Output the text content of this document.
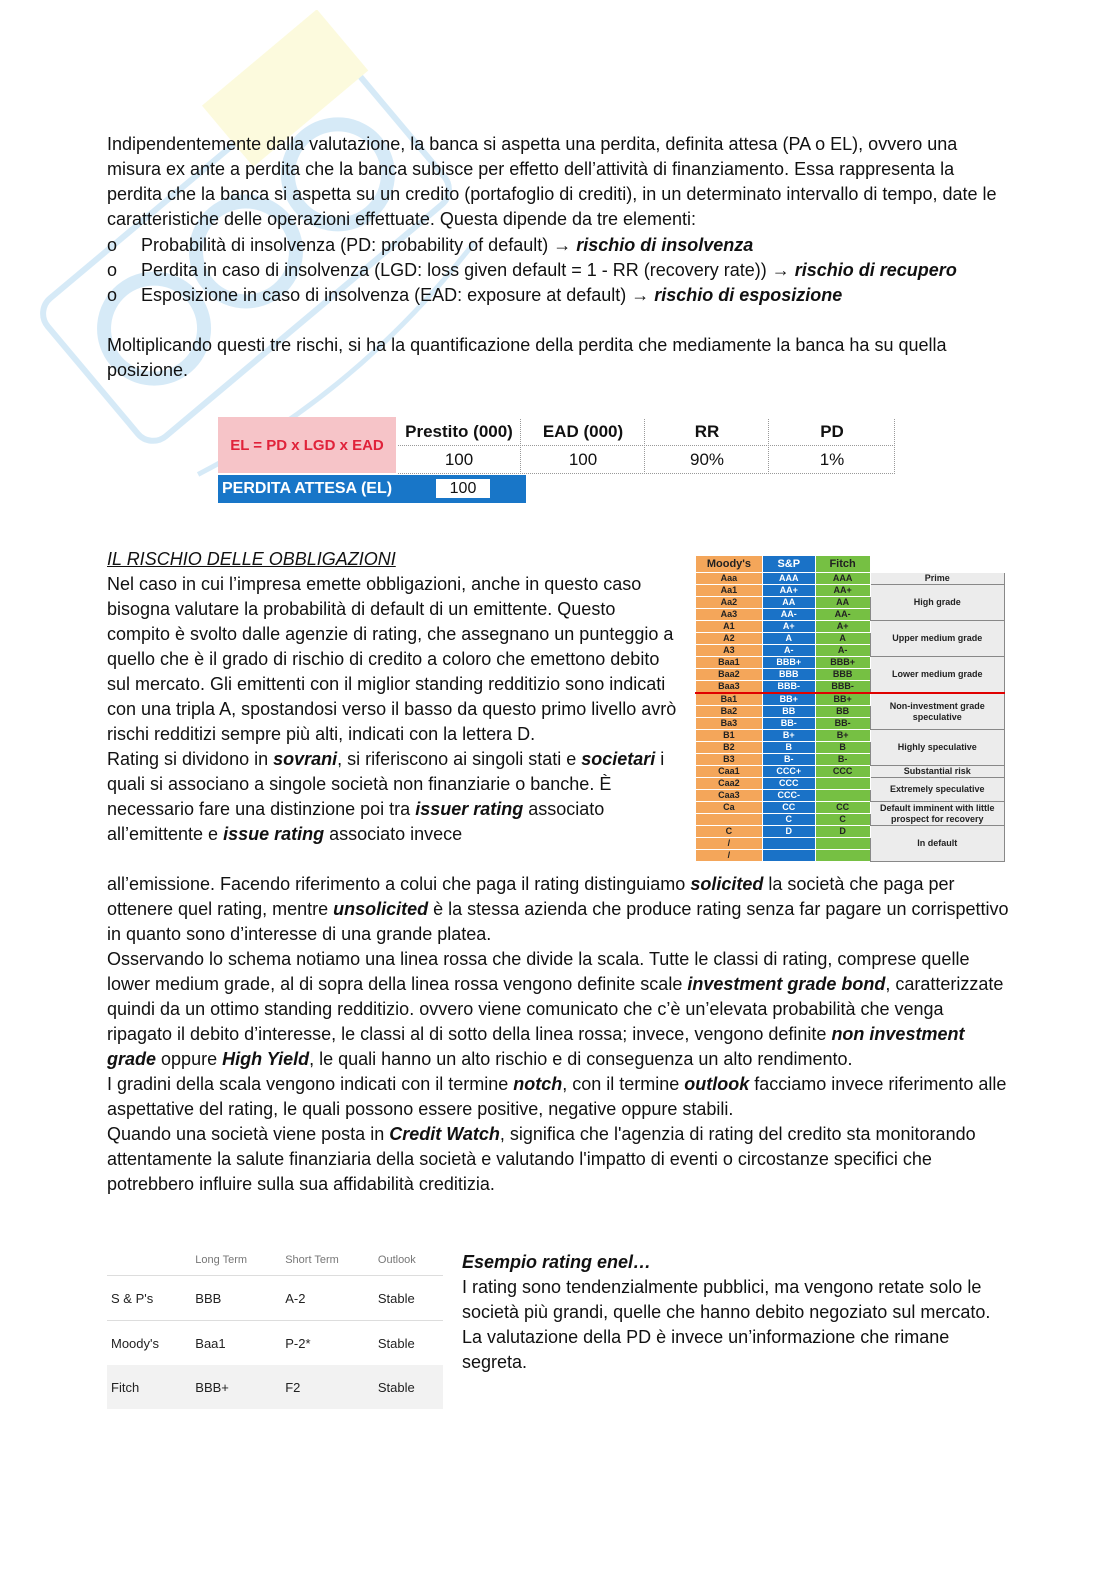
Indipendentemente dalla valutazione, la banca si aspetta una perdita, definita attesa (PA o EL), ovvero una misura ex ante a perdita che la banca subisce per effetto dell’attività di finanziamento. Essa rappresenta la perdita che la banca si aspetta su un credito (portafoglio di crediti), in un determinato intervallo di tempo, date le caratteristiche delle operazioni effettuate. Questa dipende da tre elementi:
o	Probabilità di insolvenza (PD: probability of default) → rischio di insolvenza
o	Perdita in caso di insolvenza (LGD: loss given default = 1 - RR (recovery rate)) → rischio di recupero
o	Esposizione in caso di insolvenza (EAD: exposure at default) → rischio di esposizione
Moltiplicando questi tre rischi, si ha la quantificazione della perdita che mediamente la banca ha su quella posizione.
EL = PD x LGD x EAD
Prestito (000)	EAD (000)	RR	PD
100	100	90%	1%
PERDITA ATTESA (EL)	100
IL RISCHIO DELLE OBBLIGAZIONI
Nel caso in cui l’impresa emette obbligazioni, anche in questo caso bisogna valutare la probabilità di default di un emittente. Questo compito è svolto dalle agenzie di rating, che assegnano un punteggio a quello che è il grado di rischio di credito a coloro che emettono debito sul mercato. Gli emittenti con il miglior standing redditizio sono indicati con una tripla A, spostandosi verso il basso da questo primo livello avrò rischi redditizi sempre più alti, indicati con la lettera D.
Rating si dividono in sovrani, si riferiscono ai singoli stati e societari i quali si associano a singole società non finanziarie o banche. È necessario fare una distinzione poi tra issuer rating associato all’emittente e issue rating associato invece
Moody's	S&P	Fitch	
Aaa	AAA	AAA	Prime
Aa1	AA+	AA+	High grade
Aa2	AA	AA	
Aa3	AA-	AA-	
A1	A+	A+	Upper medium grade
A2	A	A	
A3	A-	A-	
Baa1	BBB+	BBB+	Lower medium grade
Baa2	BBB	BBB	
Baa3	BBB-	BBB-	
Ba1	BB+	BB+	Non-investment grade speculative
Ba2	BB	BB	
Ba3	BB-	BB-	
B1	B+	B+	Highly speculative
B2	B	B	
B3	B-	B-	
Caa1	CCC+	CCC	Substantial risk
Caa2	CCC		Extremely speculative
Caa3	CCC-		
Ca	CC	CC	Default imminent with little prospect for recovery
	C	C	
C	D	D	In default
/			
/			
all’emissione. Facendo riferimento a colui che paga il rating distinguiamo solicited la società che paga per ottenere quel rating, mentre unsolicited è la stessa azienda che produce rating senza far pagare un corrispettivo in quanto sono d’interesse di una grande platea.
Osservando lo schema notiamo una linea rossa che divide la scala. Tutte le classi di rating, comprese quelle lower medium grade, al di sopra della linea rossa vengono definite scale investment grade bond, caratterizzate quindi da un ottimo standing redditizio. ovvero viene comunicato che c’è un’elevata probabilità che venga ripagato il debito d’interesse, le classi al di sotto della linea rossa; invece, vengono definite non investment grade oppure High Yield, le quali hanno un alto rischio e di conseguenza un alto rendimento.
I gradini della scala vengono indicati con il termine notch, con il termine outlook facciamo invece riferimento alle aspettative del rating, le quali possono essere positive, negative oppure stabili.
Quando una società viene posta in Credit Watch, significa che l'agenzia di rating del credito sta monitorando attentamente la salute finanziaria della società e valutando l'impatto di eventi o circostanze specifici che potrebbero influire sulla sua affidabilità creditizia.
	Long Term	Short Term	Outlook
S & P's	BBB	A-2	Stable
Moody's	Baa1	P-2*	Stable
Fitch	BBB+	F2	Stable
Esempio rating enel…
I rating sono tendenzialmente pubblici, ma vengono retate solo le società più grandi, quelle che hanno debito negoziato sul mercato. La valutazione della PD è invece un’informazione che rimane segreta.
